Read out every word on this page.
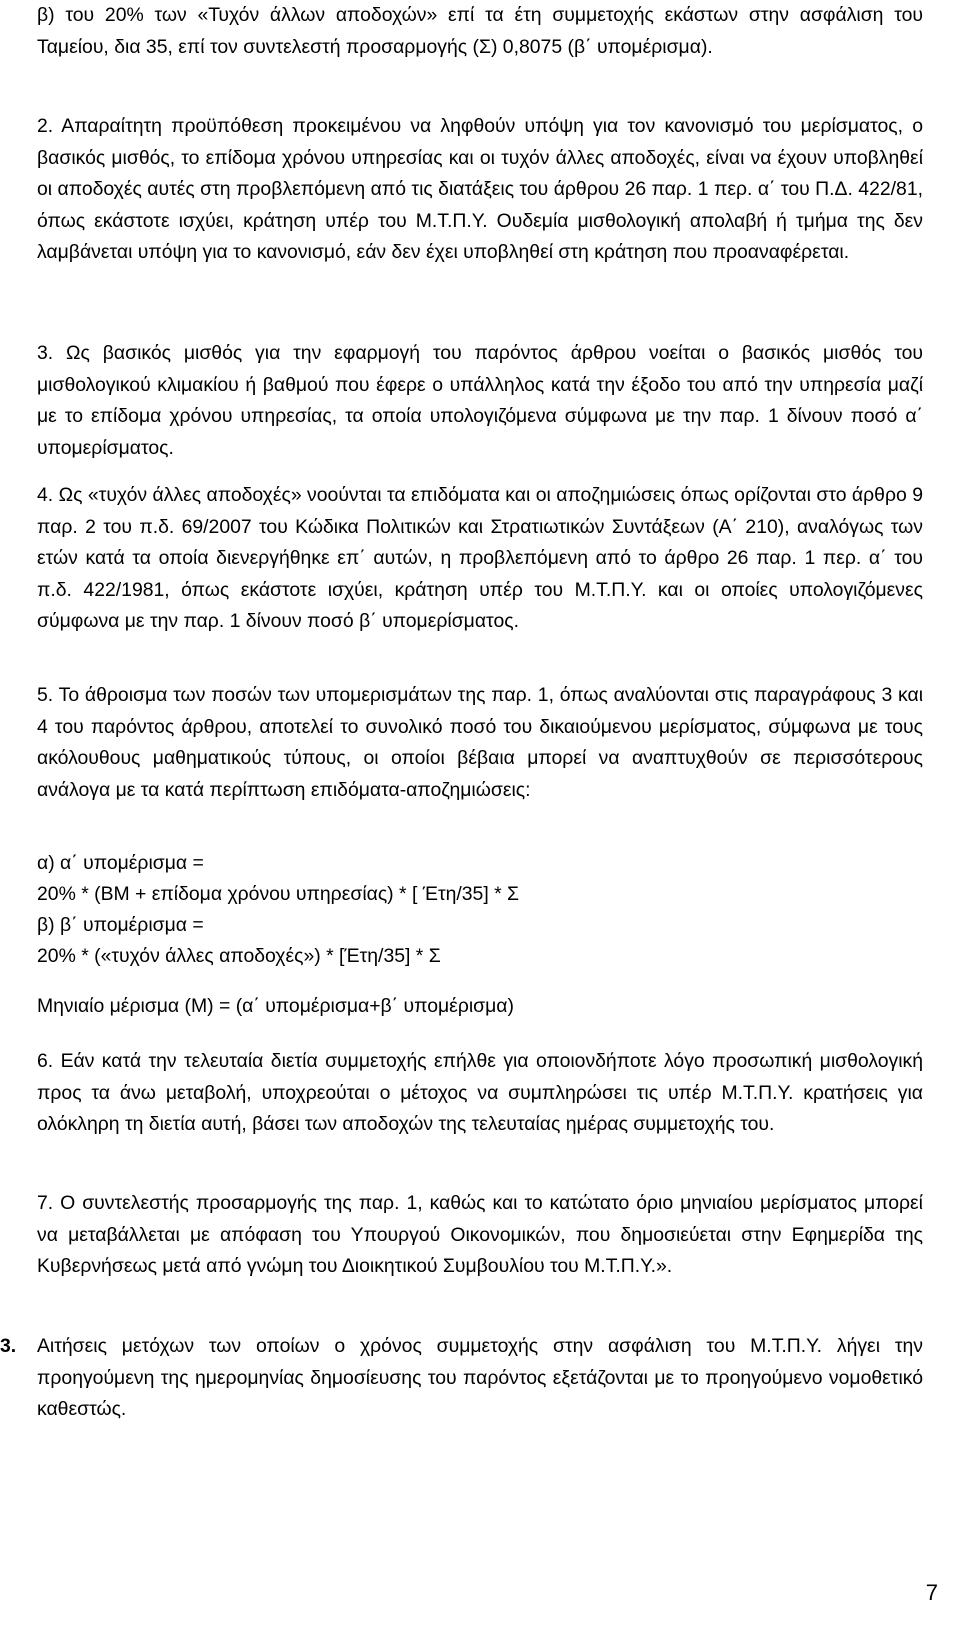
β) του 20% των «Τυχόν άλλων αποδοχών» επί τα έτη συμμετοχής εκάστων στην ασφάλιση του Ταμείου, δια 35, επί τον συντελεστή προσαρμογής (Σ) 0,8075 (β΄ υπομέρισμα).

2. Απαραίτητη προϋπόθεση προκειμένου να ληφθούν υπόψη για τον κανονισμό του μερίσματος, ο βασικός μισθός, το επίδομα χρόνου υπηρεσίας και οι τυχόν άλλες αποδοχές, είναι να έχουν υποβληθεί οι αποδοχές αυτές στη προβλεπόμενη από τις διατάξεις του άρθρου 26 παρ. 1 περ. α΄ του Π.Δ. 422/81, όπως εκάστοτε ισχύει, κράτηση υπέρ του Μ.Τ.Π.Υ. Ουδεμία μισθολογική απολαβή ή τμήμα της δεν λαμβάνεται υπόψη για το κανονισμό, εάν δεν έχει υποβληθεί στη κράτηση που προαναφέρεται.

3. Ως βασικός μισθός για την εφαρμογή του παρόντος άρθρου νοείται ο βασικός μισθός του μισθολογικού κλιμακίου ή βαθμού που έφερε ο υπάλληλος κατά την έξοδο του από την υπηρεσία μαζί με το επίδομα χρόνου υπηρεσίας, τα οποία υπολογιζόμενα σύμφωνα με την παρ. 1 δίνουν ποσό α΄ υπομερίσματος.

4. Ως «τυχόν άλλες αποδοχές» νοούνται τα επιδόματα και οι αποζημιώσεις όπως ορίζονται στο άρθρο 9 παρ. 2 του π.δ. 69/2007 του Κώδικα Πολιτικών και Στρατιωτικών Συντάξεων (Α΄ 210), αναλόγως των ετών κατά τα οποία διενεργήθηκε επ΄ αυτών, η προβλεπόμενη από το άρθρο 26 παρ. 1 περ. α΄ του π.δ. 422/1981, όπως εκάστοτε ισχύει, κράτηση υπέρ του Μ.Τ.Π.Υ. και οι οποίες υπολογιζόμενες σύμφωνα με την παρ. 1 δίνουν ποσό β΄ υπομερίσματος.

5. Το άθροισμα των ποσών των υπομερισμάτων της παρ. 1, όπως αναλύονται στις παραγράφους 3 και 4 του παρόντος άρθρου, αποτελεί το συνολικό ποσό του δικαιούμενου μερίσματος, σύμφωνα με τους ακόλουθους μαθηματικούς τύπους, οι οποίοι βέβαια μπορεί να αναπτυχθούν σε περισσότερους ανάλογα με τα κατά περίπτωση επιδόματα-αποζημιώσεις:

α) α΄ υπομέρισμα =
20% * (ΒΜ + επίδομα χρόνου υπηρεσίας) * [ Έτη/35] * Σ
β) β΄ υπομέρισμα =
20% * («τυχόν άλλες αποδοχές») * [Έτη/35] * Σ
Μηνιαίο μέρισμα (Μ) = (α΄ υπομέρισμα+β΄ υπομέρισμα)

6. Εάν κατά την τελευταία διετία συμμετοχής επήλθε για οποιονδήποτε λόγο προσωπική μισθολογική προς τα άνω μεταβολή, υποχρεούται ο μέτοχος να συμπληρώσει τις υπέρ Μ.Τ.Π.Υ. κρατήσεις για ολόκληρη τη διετία αυτή, βάσει των αποδοχών της τελευταίας ημέρας συμμετοχής του.

7. Ο συντελεστής προσαρμογής της παρ. 1, καθώς και το κατώτατο όριο μηνιαίου μερίσματος μπορεί να μεταβάλλεται με απόφαση του Υπουργού Οικονομικών, που δημοσιεύεται στην Εφημερίδα της Κυβερνήσεως μετά από γνώμη του Διοικητικού Συμβουλίου του Μ.Τ.Π.Υ.».

3. Αιτήσεις μετόχων των οποίων ο χρόνος συμμετοχής στην ασφάλιση του Μ.Τ.Π.Υ. λήγει την προηγούμενη της ημερομηνίας δημοσίευσης του παρόντος εξετάζονται με το προηγούμενο νομοθετικό καθεστώς.

7
